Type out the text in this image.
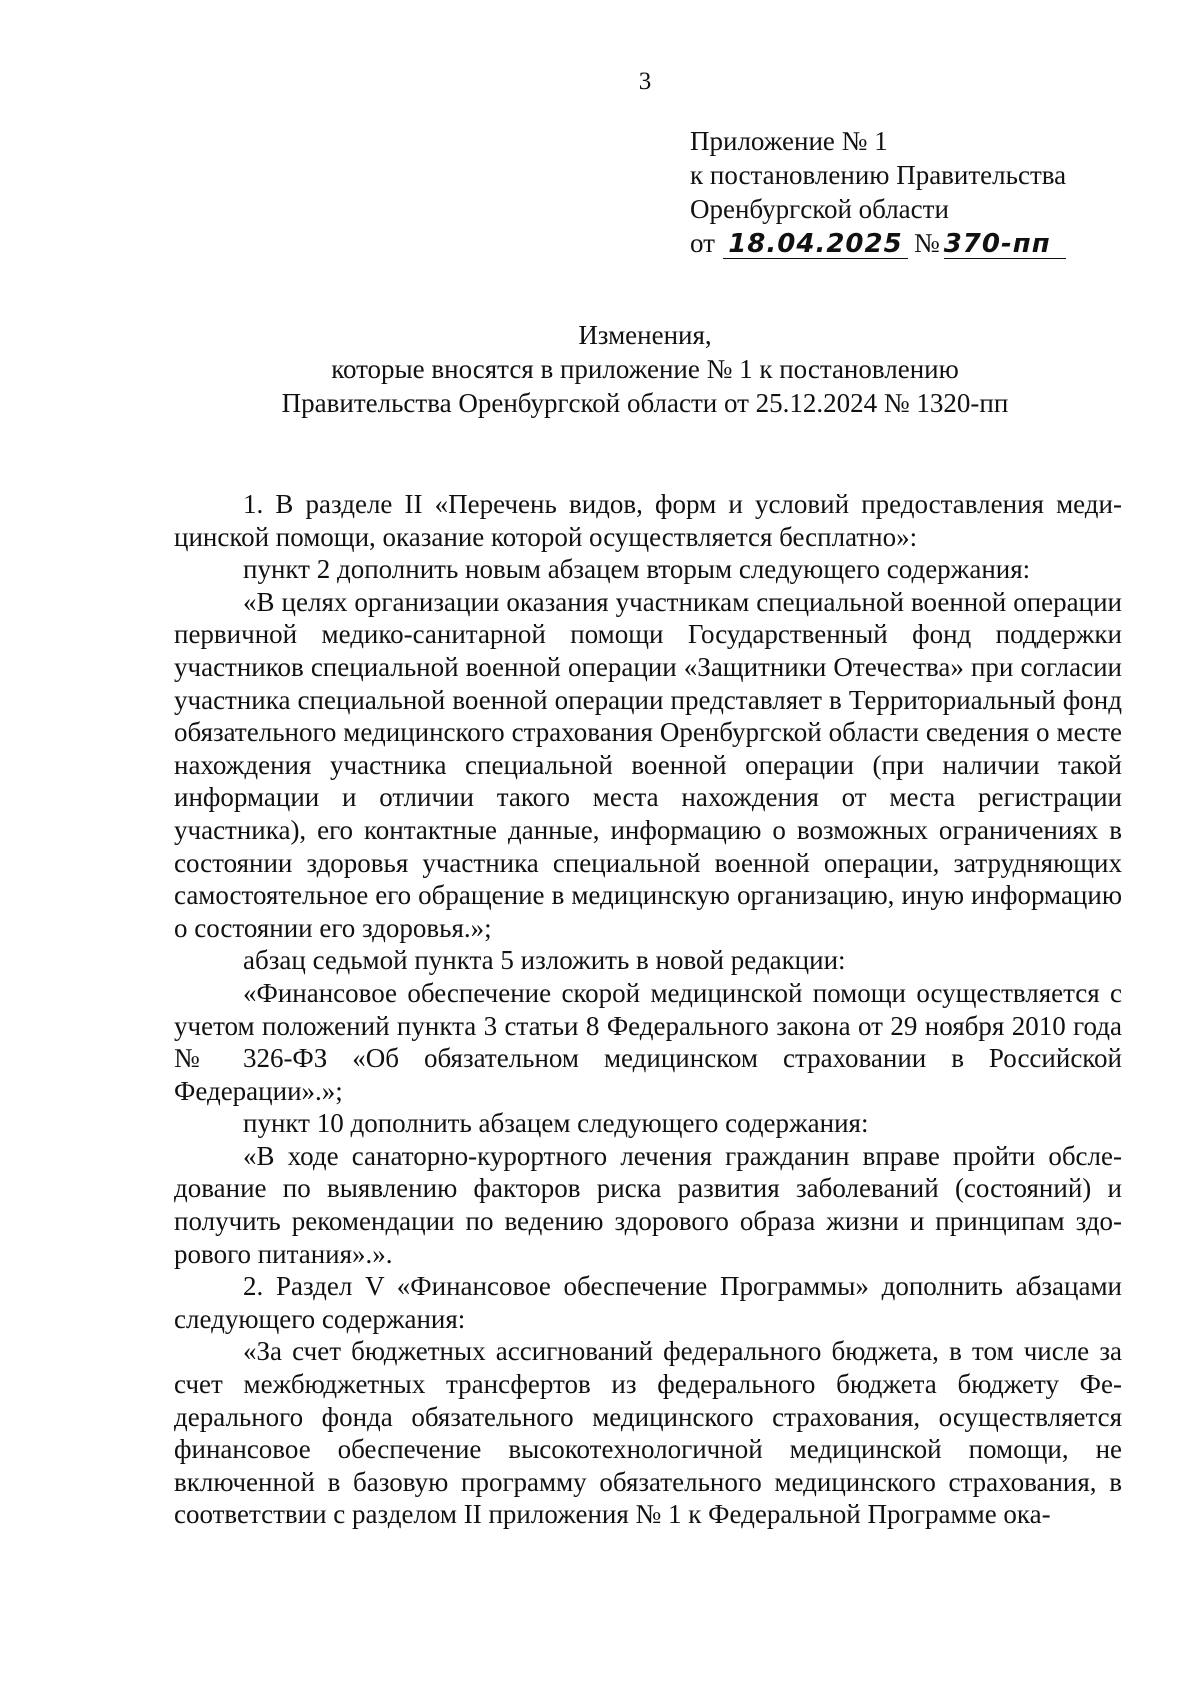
3
Приложение № 1
к постановлению Правительства
Оренбургской области
от 18.04.2025 № 370-пп
Изменения,
которые вносятся в приложение № 1 к постановлению
Правительства Оренбургской области от 25.12.2024 № 1320-пп

1. В разделе II «Перечень видов, форм и условий предоставления медицинской помощи, оказание которой осуществляется бесплатно»:

пункт 2 дополнить новым абзацем вторым следующего содержания:

«В целях организации оказания участникам специальной военной операции первичной медико-санитарной помощи Государственный фонд поддержки участников специальной военной операции «Защитники Отечества» при согласии участника специальной военной операции представляет в Территориальный фонд обязательного медицинского страхования Оренбургской области сведения о месте нахождения участника специальной военной операции (при наличии такой информации и отличии такого места нахождения от места регистрации участника), его контактные данные, информацию о возможных ограничениях в состоянии здоровья участника специальной военной операции, затрудняющих самостоятельное его обращение в медицинскую организацию, иную информацию о состоянии его здоровья.»;

абзац седьмой пункта 5 изложить в новой редакции:

«Финансовое обеспечение скорой медицинской помощи осуществляется с учетом положений пункта 3 статьи 8 Федерального закона от 29 ноября 2010 года № 326-ФЗ «Об обязательном медицинском страховании в Российской Федерации».»;

пункт 10 дополнить абзацем следующего содержания:

«В ходе санаторно-курортного лечения гражданин вправе пройти обследование по выявлению факторов риска развития заболеваний (состояний) и получить рекомендации по ведению здорового образа жизни и принципам здорового питания».».

2. Раздел V «Финансовое обеспечение Программы» дополнить абзацами следующего содержания:

«За счет бюджетных ассигнований федерального бюджета, в том числе за счет межбюджетных трансфертов из федерального бюджета бюджету Федерального фонда обязательного медицинского страхования, осуществляется финансовое обеспечение высокотехнологичной медицинской помощи, не включенной в базовую программу обязательного медицинского страхования, в соответствии с разделом II приложения № 1 к Федеральной Программе ока-
